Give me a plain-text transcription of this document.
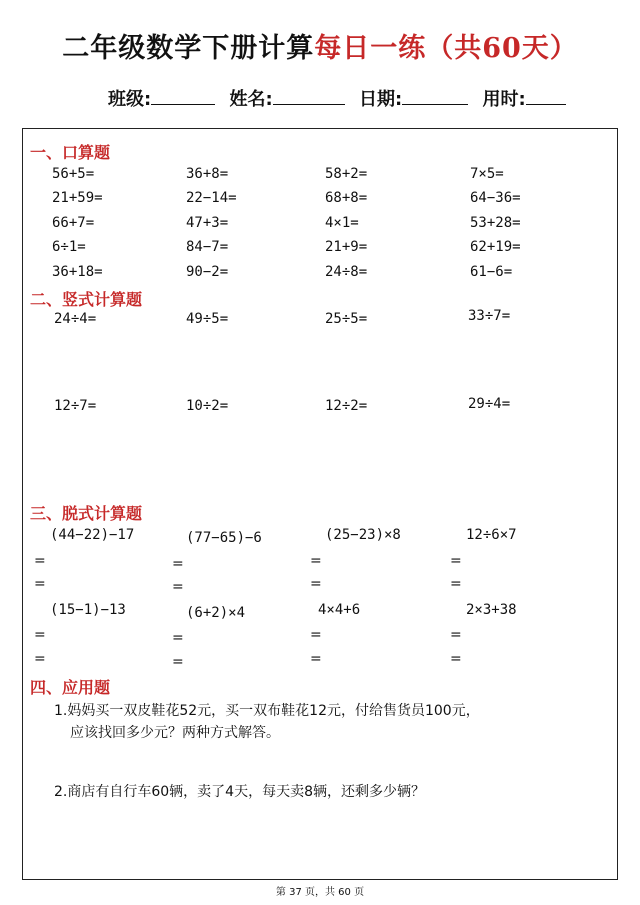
二年级数学下册计算每日一练（共60天）
班级:	姓名:	日期:	用时:
一、口算题
56+5=	36+8=	58+2=	7×5=
21+59=	22−14=	68+8=	64−36=
66+7=	47+3=	4×1=	53+28=
6÷1=	84−7=	21+9=	62+19=
36+18=	90−2=	24÷8=	61−6=
二、竖式计算题
24÷4=	49÷5=	25÷5=	33÷7=
12÷7=	10÷2=	12÷2=	29÷4=
三、脱式计算题
(44−22)−17	(77−65)−6	(25−23)×8	12÷6×7
=	=	=	=
=	=	=	=
(15−1)−13	(6+2)×4	4×4+6	2×3+38
=	=	=	=
=	=	=	=
四、应用题
1.妈妈买一双皮鞋花52元，买一双布鞋花12元，付给售货员100元，
应该找回多少元？两种方式解答。
2.商店有自行车60辆，卖了4天，每天卖8辆，还剩多少辆？
第 37 页，共 60 页
